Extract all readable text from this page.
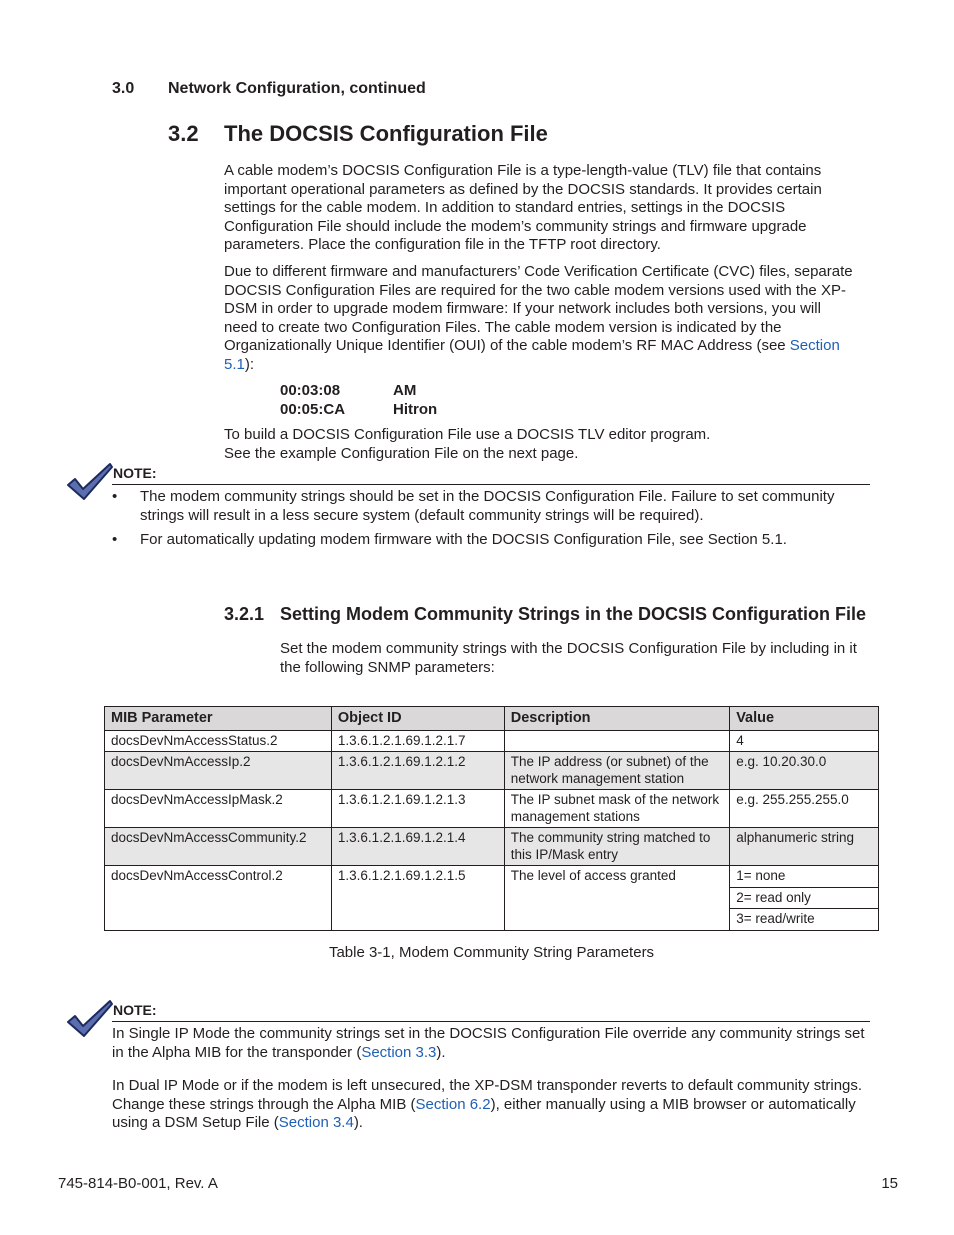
3.0 Network Configuration, continued
3.2 The DOCSIS Configuration File
A cable modem’s DOCSIS Configuration File is a type-length-value (TLV) file that contains important operational parameters as defined by the DOCSIS standards. It provides certain settings for the cable modem. In addition to standard entries, settings in the DOCSIS Configuration File should include the modem’s community strings and firmware upgrade parameters. Place the configuration file in the TFTP root directory.
Due to different firmware and manufacturers’ Code Verification Certificate (CVC) files, separate DOCSIS Configuration Files are required for the two cable modem versions used with the XP-DSM in order to upgrade modem firmware: If your network includes both versions, you will need to create two Configuration Files. The cable modem version is indicated by the Organizationally Unique Identifier (OUI) of the cable modem’s RF MAC Address (see Section 5.1):
00:03:08	AM
00:05:CA	Hitron
To build a DOCSIS Configuration File use a DOCSIS TLV editor program.
See the example Configuration File on the next page.
NOTE:
• The modem community strings should be set in the DOCSIS Configuration File. Failure to set community strings will result in a less secure system (default community strings will be required).
• For automatically updating modem firmware with the DOCSIS Configuration File, see Section 5.1.
3.2.1 Setting Modem Community Strings in the DOCSIS Configuration File
Set the modem community strings with the DOCSIS Configuration File by including in it the following SNMP parameters:
MIB Parameter	Object ID	Description	Value
docsDevNmAccessStatus.2	1.3.6.1.2.1.69.1.2.1.7		4
docsDevNmAccessIp.2	1.3.6.1.2.1.69.1.2.1.2	The IP address (or subnet) of the network management station	e.g. 10.20.30.0
docsDevNmAccessIpMask.2	1.3.6.1.2.1.69.1.2.1.3	The IP subnet mask of the network management stations	e.g. 255.255.255.0
docsDevNmAccessCommunity.2	1.3.6.1.2.1.69.1.2.1.4	The community string matched to this IP/Mask entry	alphanumeric string
docsDevNmAccessControl.2	1.3.6.1.2.1.69.1.2.1.5	The level of access granted	1= none
			2= read only
			3= read/write
Table 3-1, Modem Community String Parameters
NOTE:
In Single IP Mode the community strings set in the DOCSIS Configuration File override any community strings set in the Alpha MIB for the transponder (Section 3.3).
In Dual IP Mode or if the modem is left unsecured, the XP-DSM transponder reverts to default community strings. Change these strings through the Alpha MIB (Section 6.2), either manually using a MIB browser or automatically using a DSM Setup File (Section 3.4).
745-814-B0-001, Rev. A	15
